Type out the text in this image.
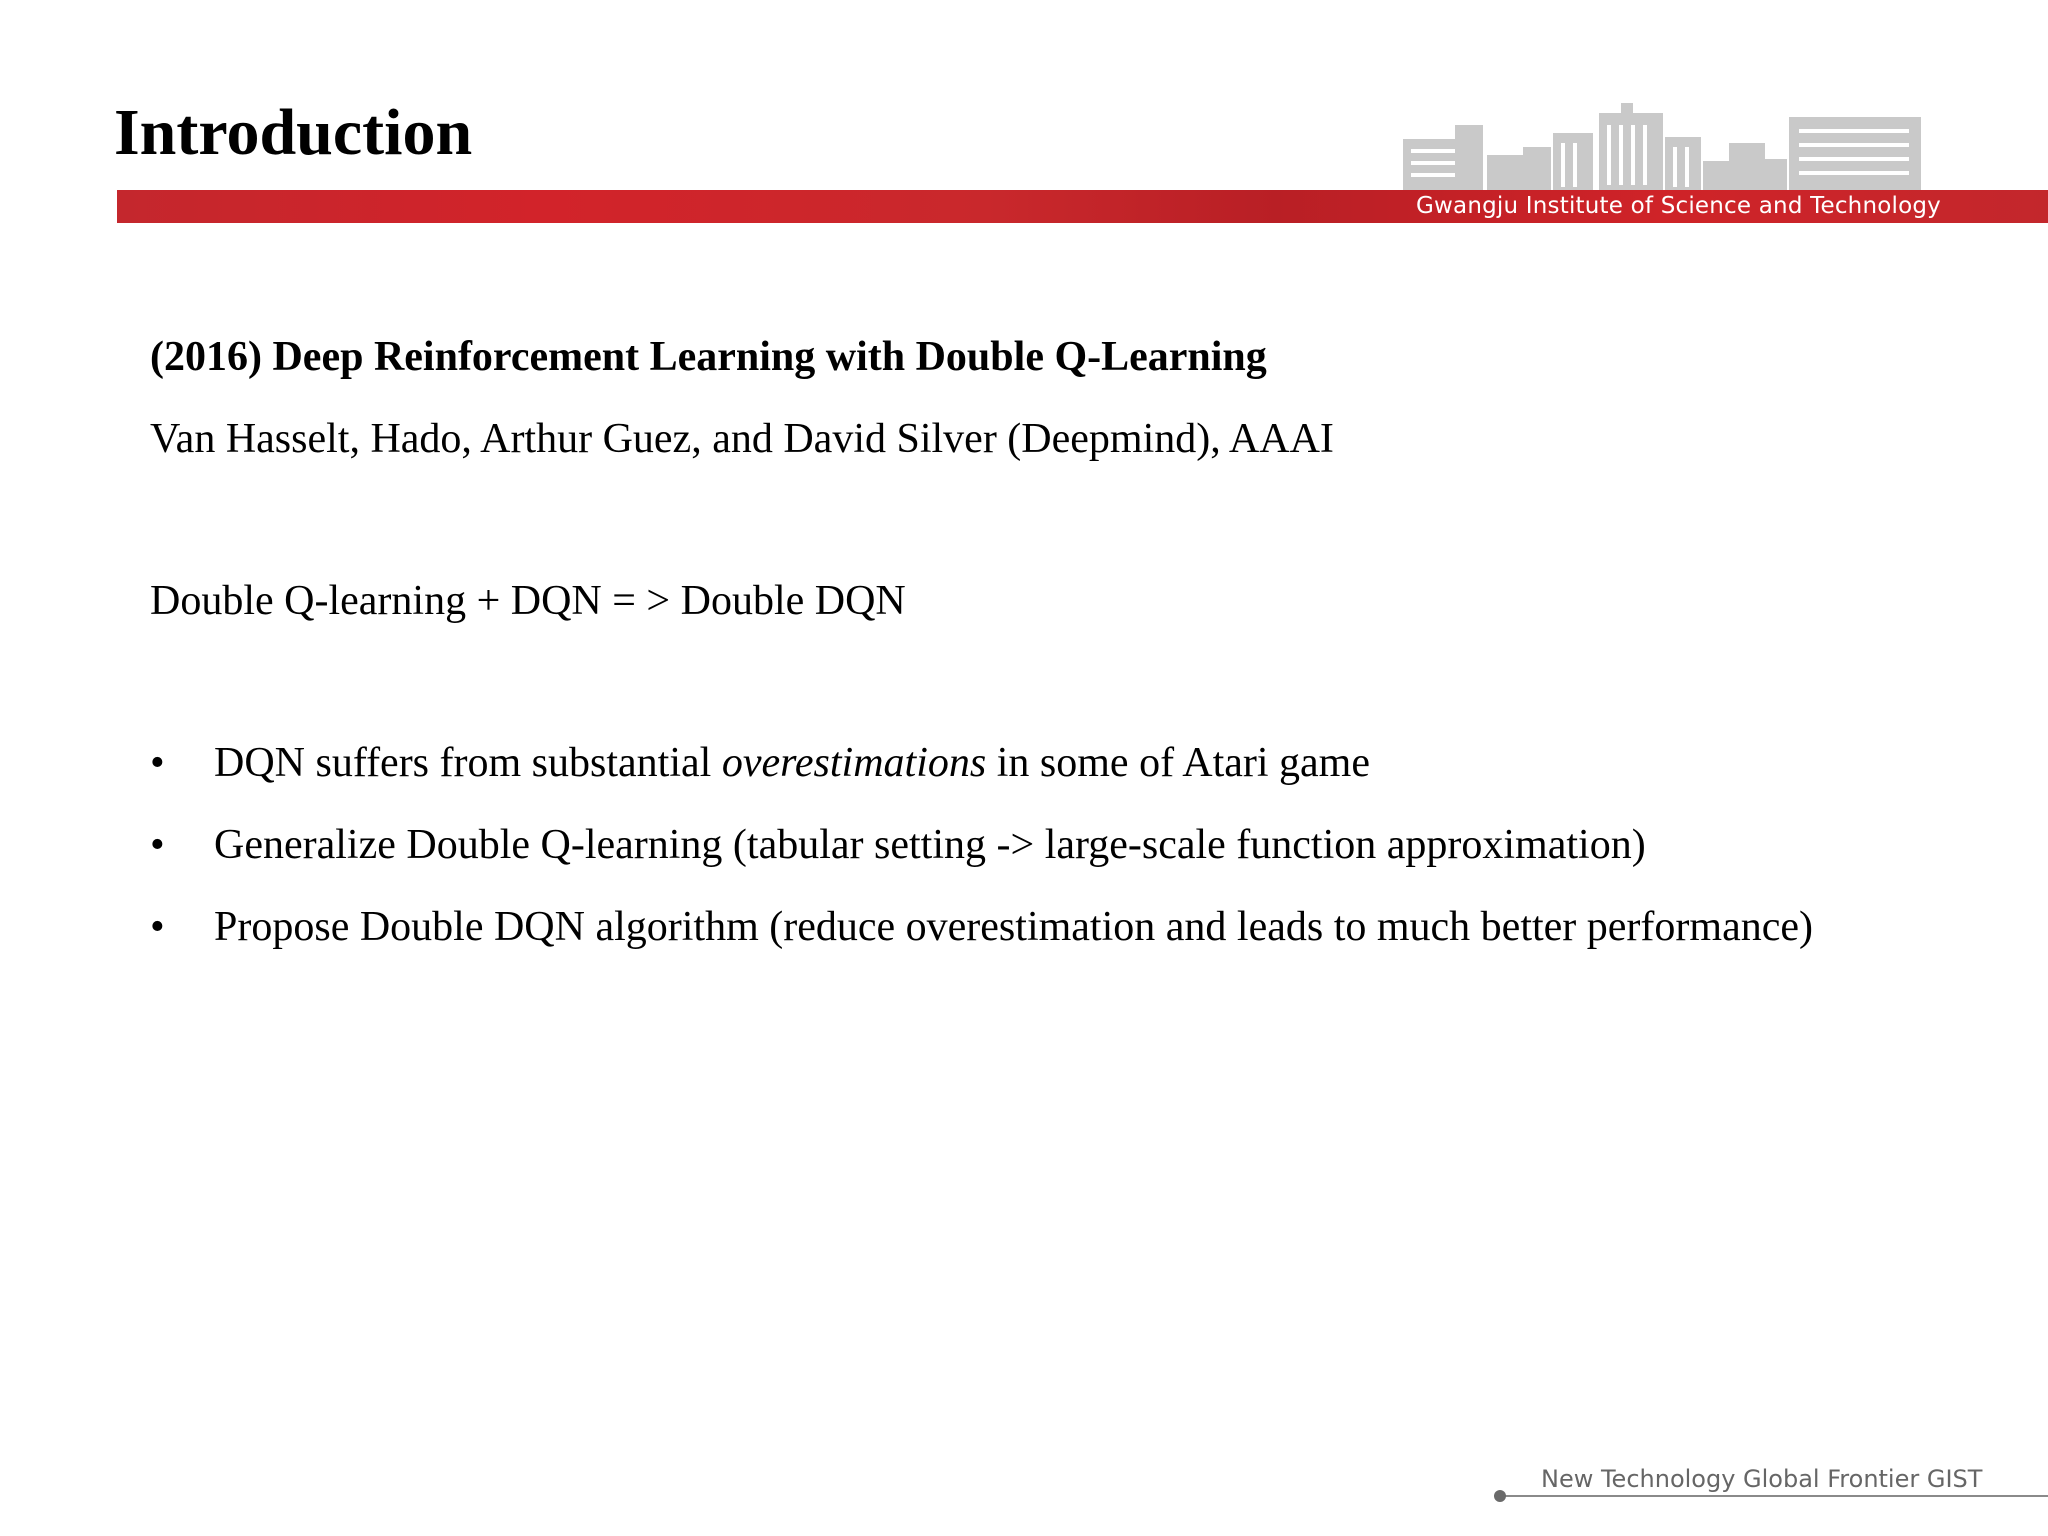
Introduction
Gwangju Institute of Science and Technology

(2016) Deep Reinforcement Learning with Double Q-Learning

Van Hasselt, Hado, Arthur Guez, and David Silver (Deepmind), AAAI

Double Q-learning + DQN = > Double DQN

• DQN suffers from substantial overestimations in some of Atari game
• Generalize Double Q-learning (tabular setting -> large-scale function approximation)
• Propose Double DQN algorithm (reduce overestimation and leads to much better performance)
New Technology Global Frontier GIST
